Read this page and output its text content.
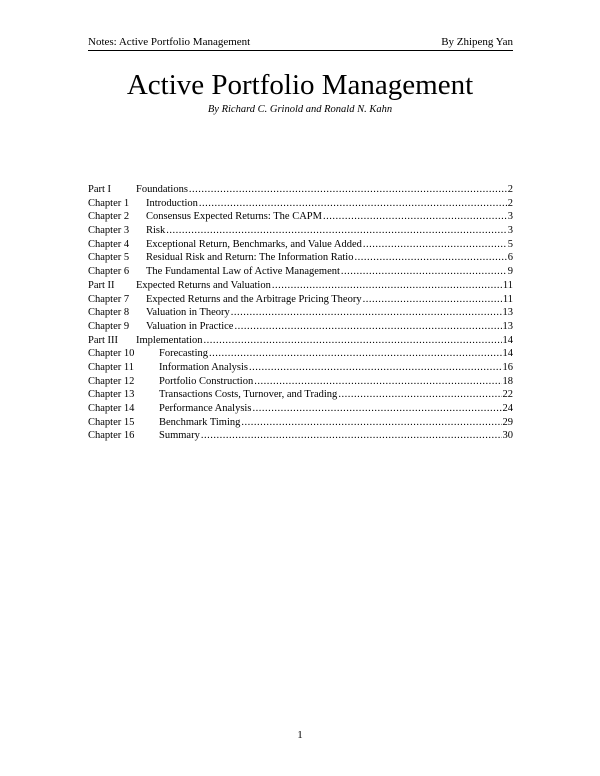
Notes: Active Portfolio Management	By Zhipeng Yan
Active Portfolio Management
By Richard C. Grinold and Ronald N. Kahn
Part I	Foundations .....	2
Chapter 1	Introduction .....	2
Chapter 2	Consensus Expected Returns: The CAPM .....	3
Chapter 3	Risk .....	3
Chapter 4	Exceptional Return, Benchmarks, and Value Added .....	5
Chapter 5	Residual Risk and Return: The Information Ratio .....	6
Chapter 6	The Fundamental Law of Active Management .....	9
Part II	Expected Returns and Valuation .....	11
Chapter 7	Expected Returns and the Arbitrage Pricing Theory .....	11
Chapter 8	Valuation in Theory .....	13
Chapter 9	Valuation in Practice .....	13
Part III	Implementation .....	14
Chapter 10	Forecasting .....	14
Chapter 11	Information Analysis .....	16
Chapter 12	Portfolio Construction .....	18
Chapter 13	Transactions Costs, Turnover, and Trading .....	22
Chapter 14	Performance Analysis .....	24
Chapter 15	Benchmark Timing .....	29
Chapter 16	Summary .....	30
1
